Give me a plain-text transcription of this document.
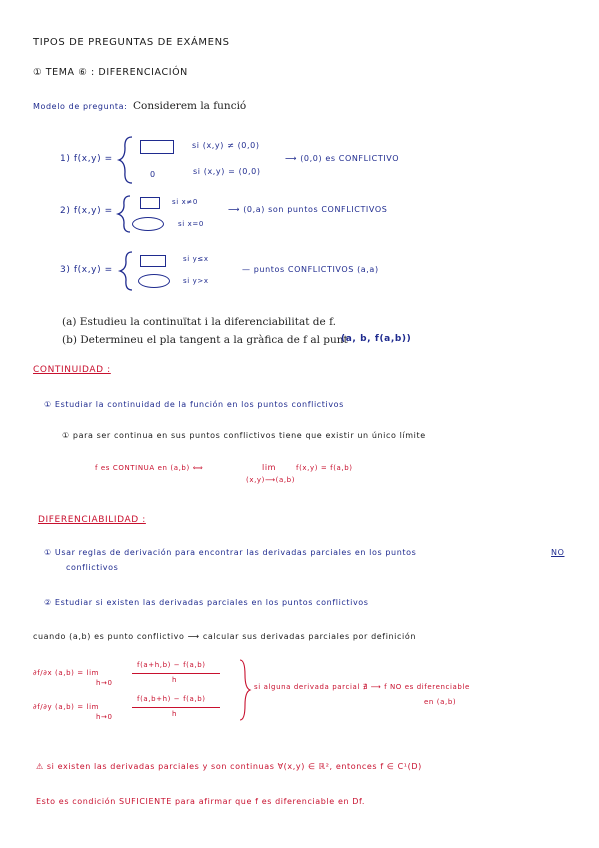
TIPOS DE PREGUNTAS DE EXÁMENS
① TEMA ⑥ : DIFERENCIACIÓN
Modelo de pregunta: Considerem la funció
1) f(x,y) =
si (x,y) ≠ (0,0)
0	si (x,y) = (0,0)
⟶ (0,0) es CONFLICTIVO
2) f(x,y) =
si x≠0
si x=0
⟶ (0,a) son puntos CONFLICTIVOS
3) f(x,y) =
si y≤x
si y>x
— puntos CONFLICTIVOS (a,a)
(a) Estudieu la continuïtat i la diferenciabilitat de f.
(b) Determineu el pla tangent a la gràfica de f al punt
(a, b, f(a,b))
CONTINUIDAD :
① Estudiar la continuidad de la función en los puntos conflictivos
① para ser continua en sus puntos conflictivos tiene que existir un único límite
f es CONTINUA en (a,b) ⟺	lim
(x,y)⟶(a,b)
f(x,y) = f(a,b)
DIFERENCIABILIDAD :
① Usar reglas de derivación para encontrar las derivadas parciales en los puntos	NO
conflictivos
② Estudiar si existen las derivadas parciales en los puntos conflictivos
cuando (a,b) es punto conflictivo ⟶ calcular sus derivadas parciales por definición
∂f/∂x (a,b) = lim
h→0
f(a+h,b) − f(a,b)
h
∂f/∂y (a,b) = lim
h→0
f(a,b+h) − f(a,b)
h
si alguna derivada parcial ∄ ⟶ f NO es diferenciable
en (a,b)
⚠ si existen las derivadas parciales y son continuas ∀(x,y) ∈ ℝ², entonces f ∈ C¹(D)
Esto es condición SUFICIENTE para afirmar que f es diferenciable en Df.
